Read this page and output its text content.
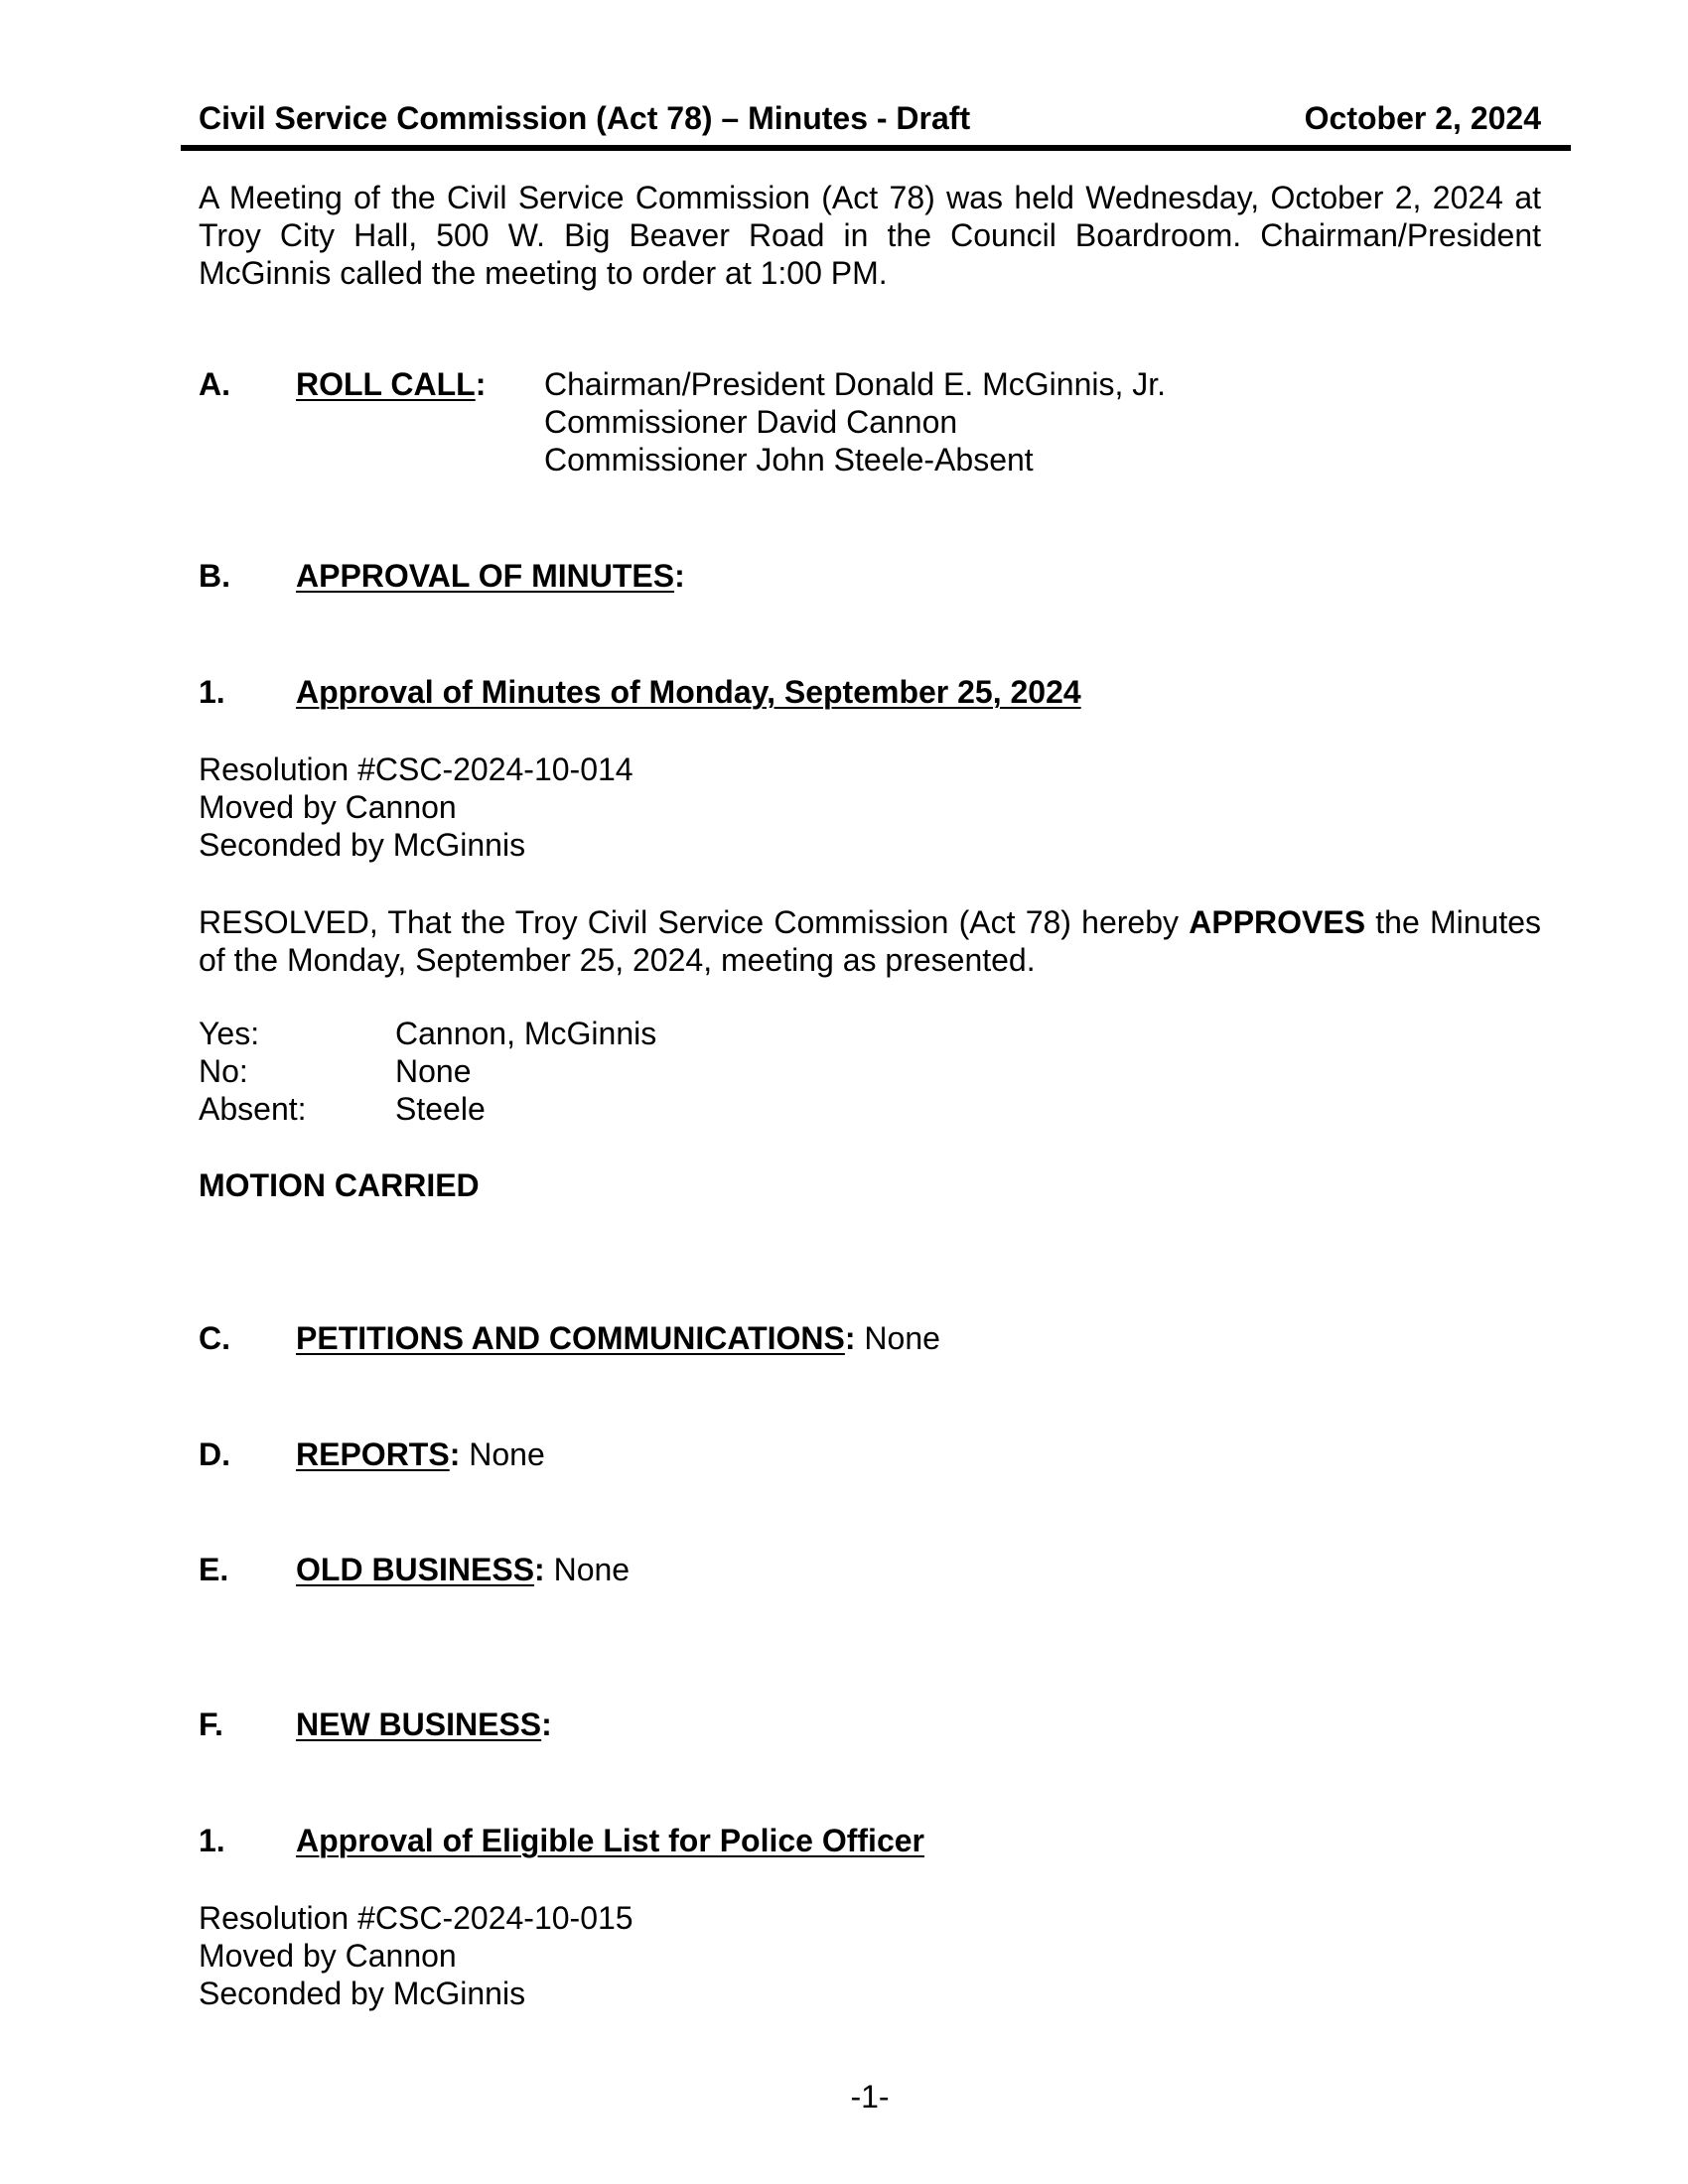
Civil Service Commission (Act 78) – Minutes - Draft	October 2, 2024
A Meeting of the Civil Service Commission (Act 78) was held Wednesday, October 2, 2024 at Troy City Hall, 500 W. Big Beaver Road in the Council Boardroom. Chairman/President McGinnis called the meeting to order at 1:00 PM.
A. ROLL CALL: Chairman/President Donald E. McGinnis, Jr.
Commissioner David Cannon
Commissioner John Steele-Absent
B. APPROVAL OF MINUTES:
1. Approval of Minutes of Monday, September 25, 2024
Resolution #CSC-2024-10-014
Moved by Cannon
Seconded by McGinnis
RESOLVED, That the Troy Civil Service Commission (Act 78) hereby APPROVES the Minutes of the Monday, September 25, 2024, meeting as presented.
Yes:	Cannon, McGinnis
No:	None
Absent:	Steele
MOTION CARRIED
C. PETITIONS AND COMMUNICATIONS: None
D. REPORTS: None
E. OLD BUSINESS: None
F. NEW BUSINESS:
1. Approval of Eligible List for Police Officer
Resolution #CSC-2024-10-015
Moved by Cannon
Seconded by McGinnis
-1-
